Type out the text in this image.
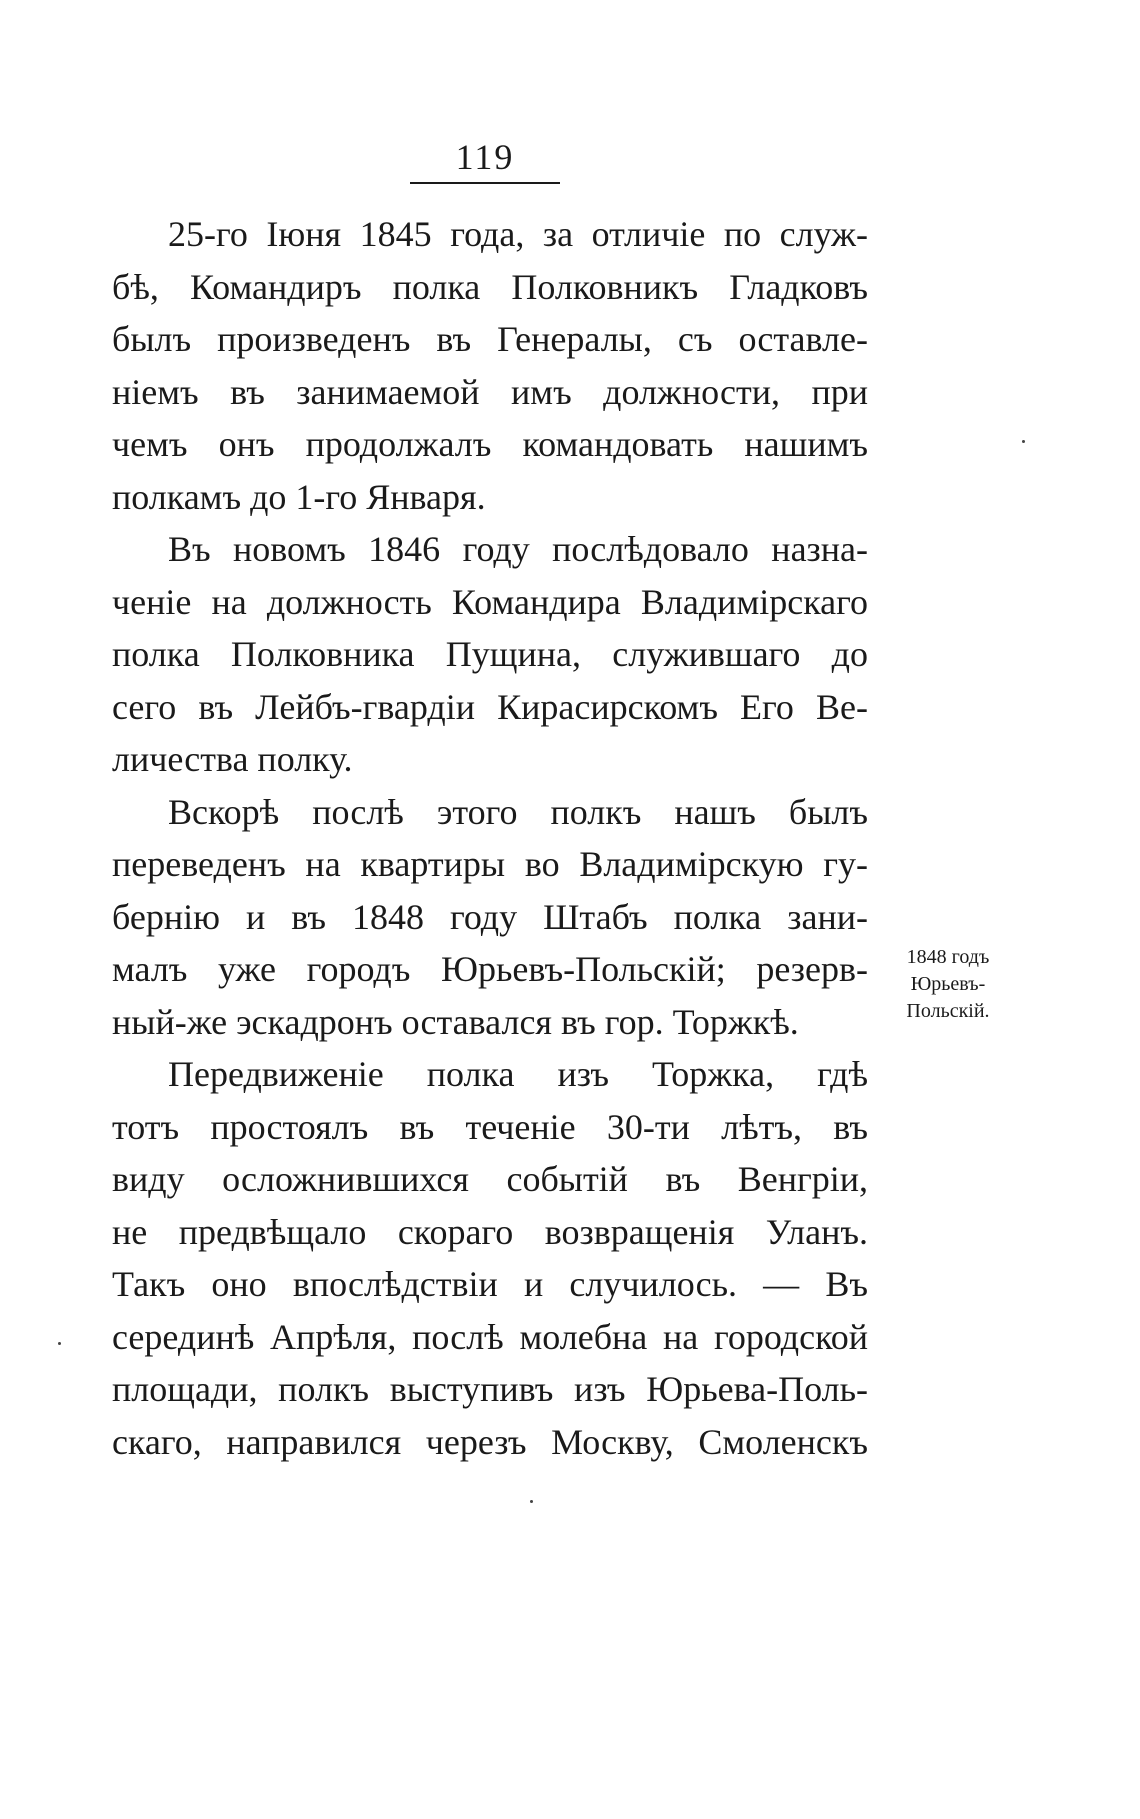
119
25-го Іюня 1845 года, за отличіе по служ-
бѣ, Командиръ полка Полковникъ Гладковъ
былъ произведенъ въ Генералы, съ оставле-
ніемъ въ занимаемой имъ должности, при
чемъ онъ продолжалъ командовать нашимъ
полкамъ до 1-го Января.
Въ новомъ 1846 году послѣдовало назна-
ченіе на должность Командира Владимірскаго
полка Полковника Пущина, служившаго до
сего въ Лейбъ-гвардіи Кирасирскомъ Его Ве-
личества полку.
Вскорѣ послѣ этого полкъ нашъ былъ
переведенъ на квартиры во Владимірскую гу-
бернію и въ 1848 году Штабъ полка зани-
малъ уже городъ Юрьевъ-Польскій; резерв-
ный-же эскадронъ оставался въ гор. Торжкѣ.
Передвиженіе полка изъ Торжка, гдѣ
тотъ простоялъ въ теченіе 30-ти лѣтъ, въ
виду осложнившихся событій въ Венгріи,
не предвѣщало скораго возвращенія Уланъ.
Такъ оно впослѣдствіи и случилось. — Въ
серединѣ Апрѣля, послѣ молебна на городской
площади, полкъ выступивъ изъ Юрьева-Поль-
скаго, направился черезъ Москву, Смоленскъ
1848 годъ
Юрьевъ-
Польскій.
